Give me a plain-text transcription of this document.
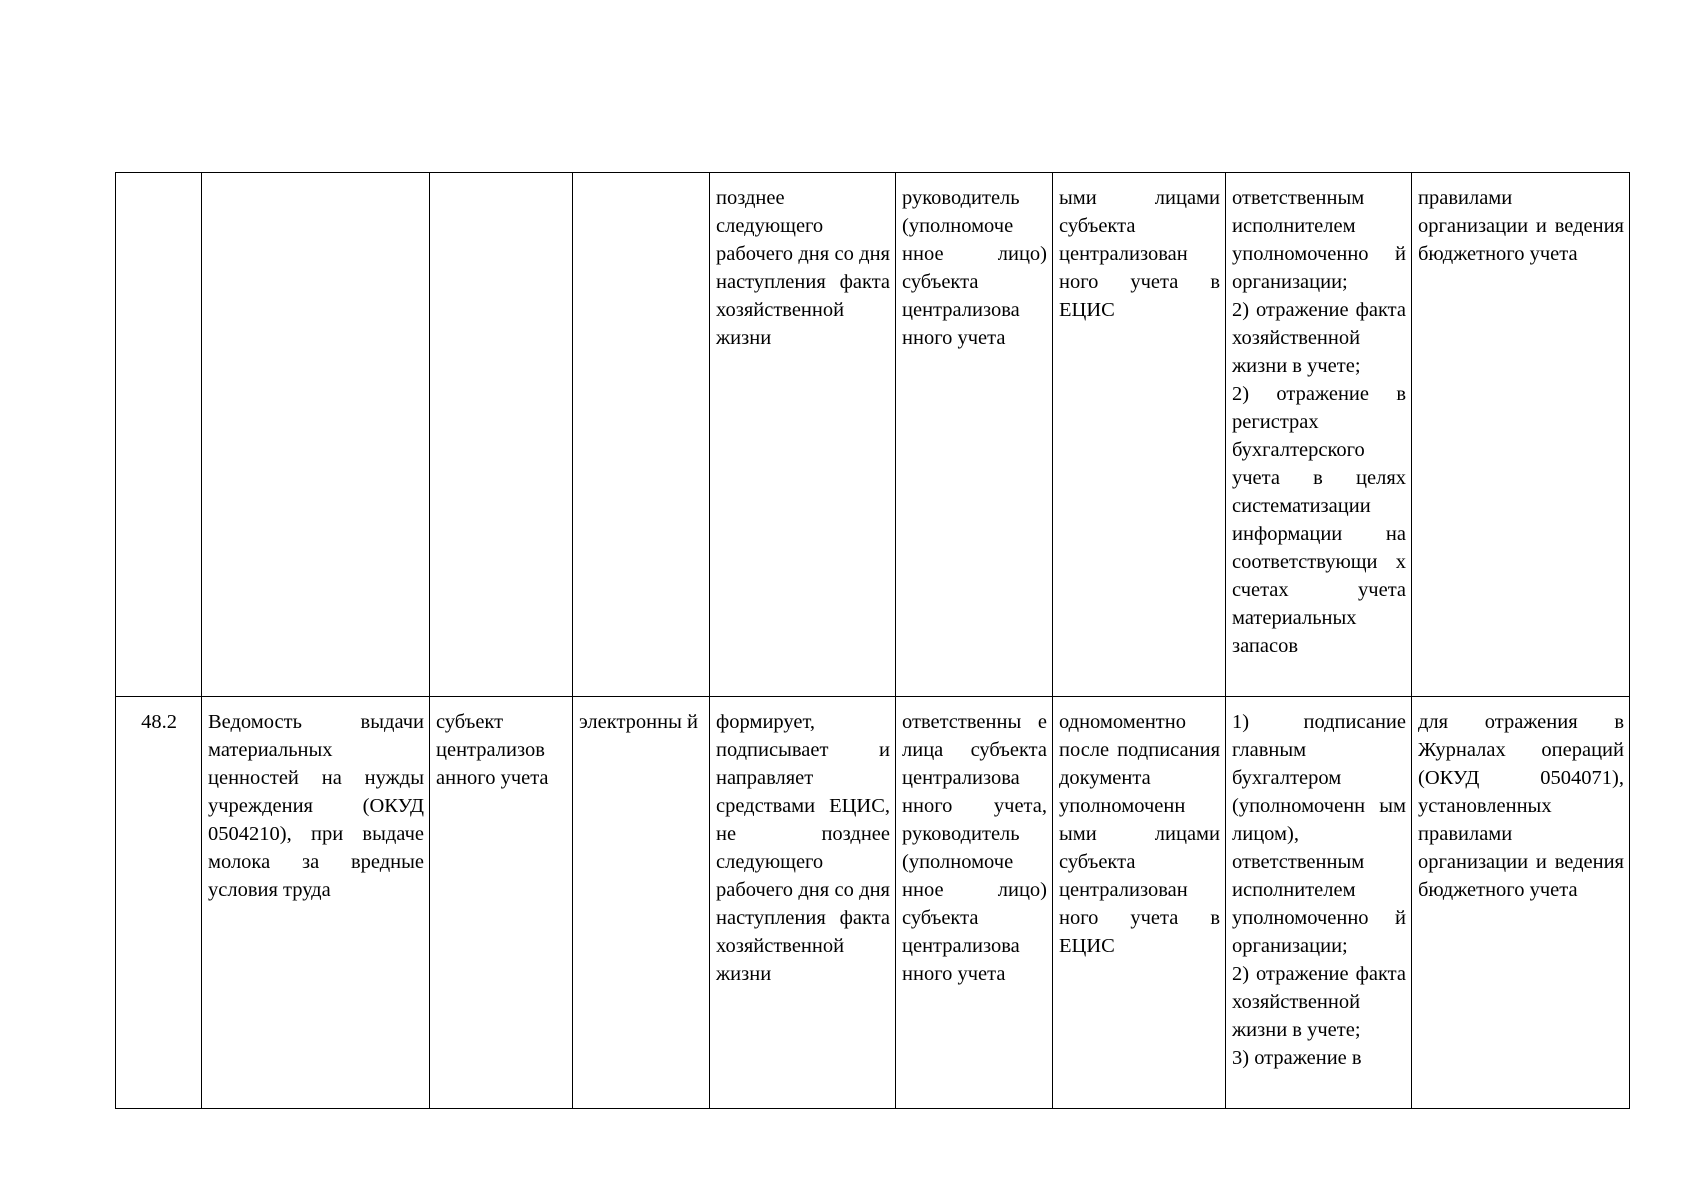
				позднее следующего рабочего дня со дня наступления факта хозяйственной жизни	руководитель (уполномоче нное лицо) субъекта централизова нного учета	ыми лицами субъекта централизован ного учета в ЕЦИС	ответственным исполнителем уполномоченно й организации;
2) отражение факта хозяйственной жизни в учете;
2) отражение в регистрах бухгалтерского учета в целях систематизации информации на соответствующи х счетах учета материальных запасов	правилами организации и ведения бюджетного учета
48.2	Ведомость выдачи материальных ценностей на нужды учреждения (ОКУД 0504210), при выдаче молока за вредные условия труда	субъект централизов анного учета	электронны й	формирует, подписывает и направляет средствами ЕЦИС, не позднее следующего рабочего дня со дня наступления факта хозяйственной жизни	ответственны е лица субъекта централизова нного учета, руководитель (уполномоче нное лицо) субъекта централизова нного учета	одномоментно после подписания документа уполномоченн ыми лицами субъекта централизован ного учета в ЕЦИС	1) подписание главным бухгалтером (уполномоченн ым лицом), ответственным исполнителем уполномоченно й организации;
2) отражение факта хозяйственной жизни в учете;
3) отражение в	для отражения в Журналах операций (ОКУД 0504071), установленных правилами организации и ведения бюджетного учета
